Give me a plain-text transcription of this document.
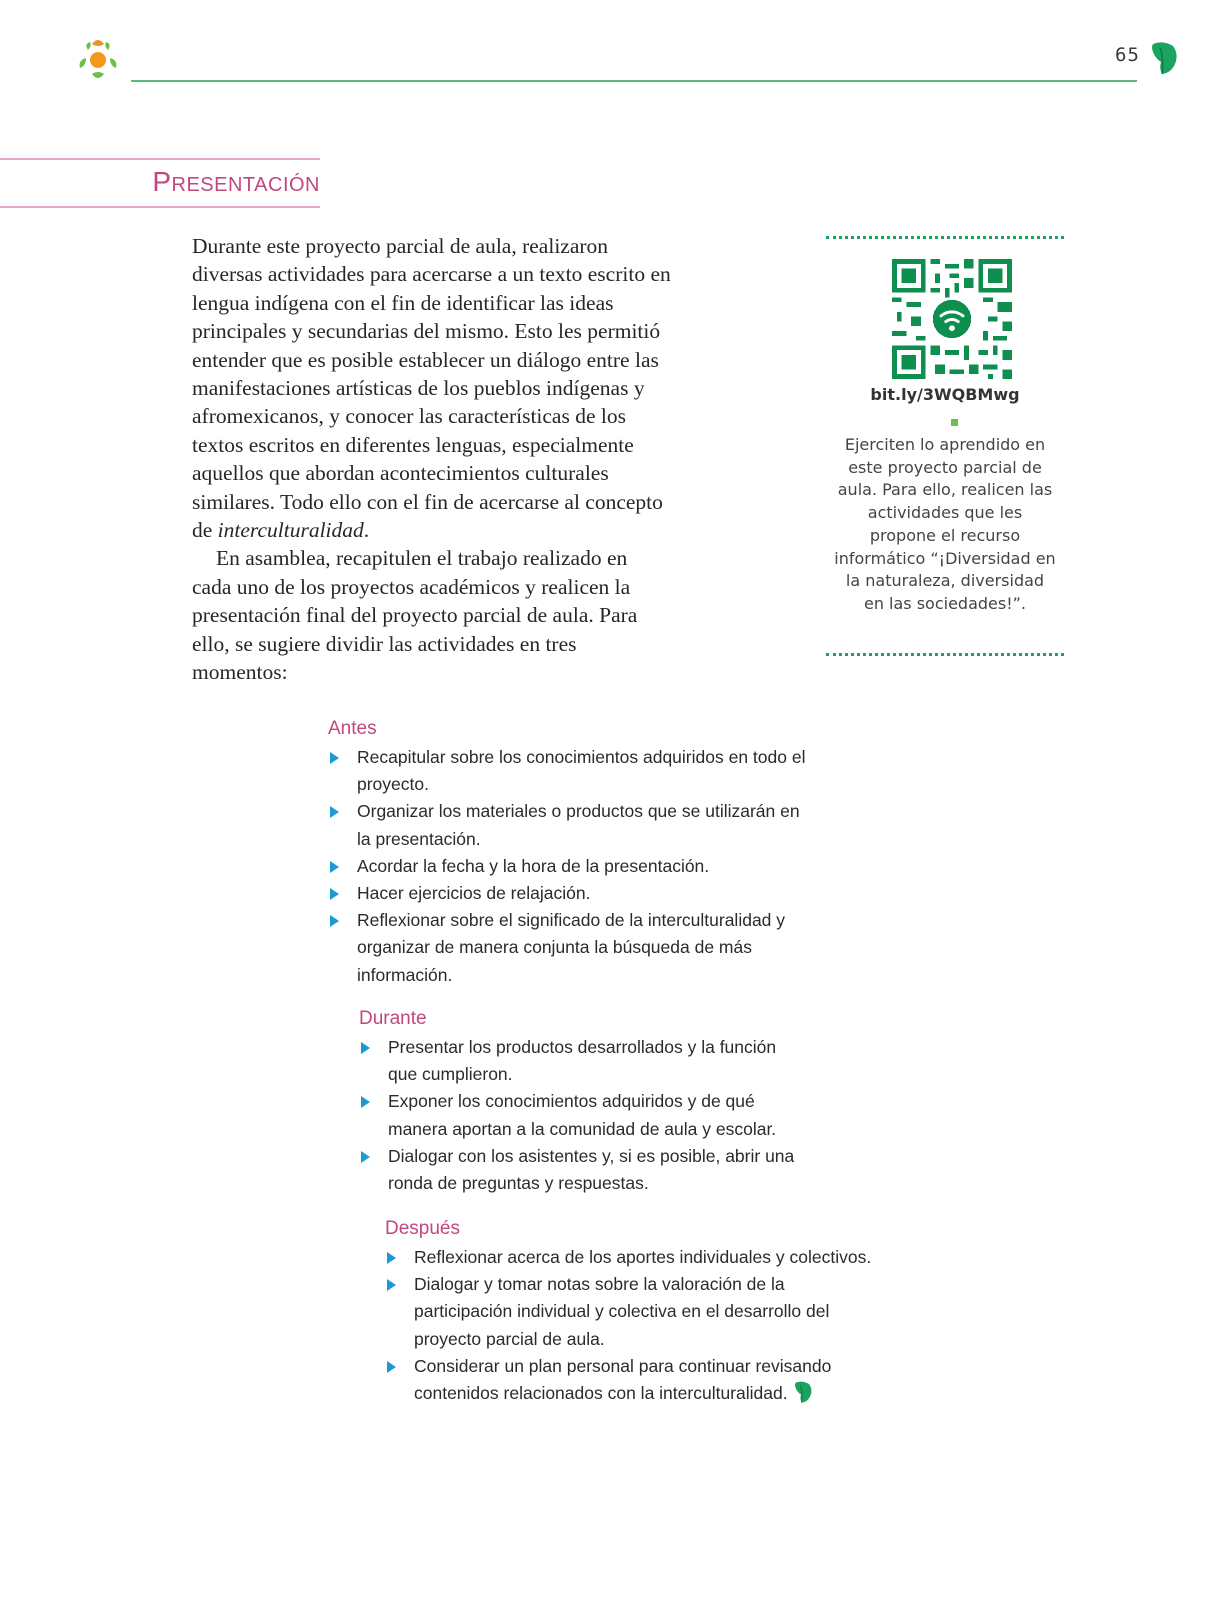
65
Presentación

Durante este proyecto parcial de aula, realizaron diversas actividades para acercarse a un texto escrito en lengua indígena con el fin de identificar las ideas principales y secundarias del mismo. Esto les permitió entender que es posible establecer un diálogo entre las manifestaciones artísticas de los pueblos indígenas y afromexicanos, y conocer las características de los textos escritos en diferentes lenguas, especialmente aquellos que abordan acontecimientos culturales similares. Todo ello con el fin de acercarse al concepto de interculturalidad.

En asamblea, recapitulen el trabajo realizado en cada uno de los proyectos académicos y realicen la presentación final del proyecto parcial de aula. Para ello, se sugiere dividir las actividades en tres momentos:

bit.ly/3WQBMwg

Ejerciten lo aprendido en este proyecto parcial de aula. Para ello, realicen las actividades que les propone el recurso informático “¡Diversidad en la naturaleza, diversidad en las sociedades!”.

Antes
Recapitular sobre los conocimientos adquiridos en todo el proyecto.
Organizar los materiales o productos que se utilizarán en la presentación.
Acordar la fecha y la hora de la presentación.
Hacer ejercicios de relajación.
Reflexionar sobre el significado de la interculturalidad y organizar de manera conjunta la búsqueda de más información.
Durante
Presentar los productos desarrollados y la función que cumplieron.
Exponer los conocimientos adquiridos y de qué manera aportan a la comunidad de aula y escolar.
Dialogar con los asistentes y, si es posible, abrir una ronda de preguntas y respuestas.
Después
Reflexionar acerca de los aportes individuales y colectivos.
Dialogar y tomar notas sobre la valoración de la participación individual y colectiva en el desarrollo del proyecto parcial de aula.
Considerar un plan personal para continuar revisando contenidos relacionados con la interculturalidad.
